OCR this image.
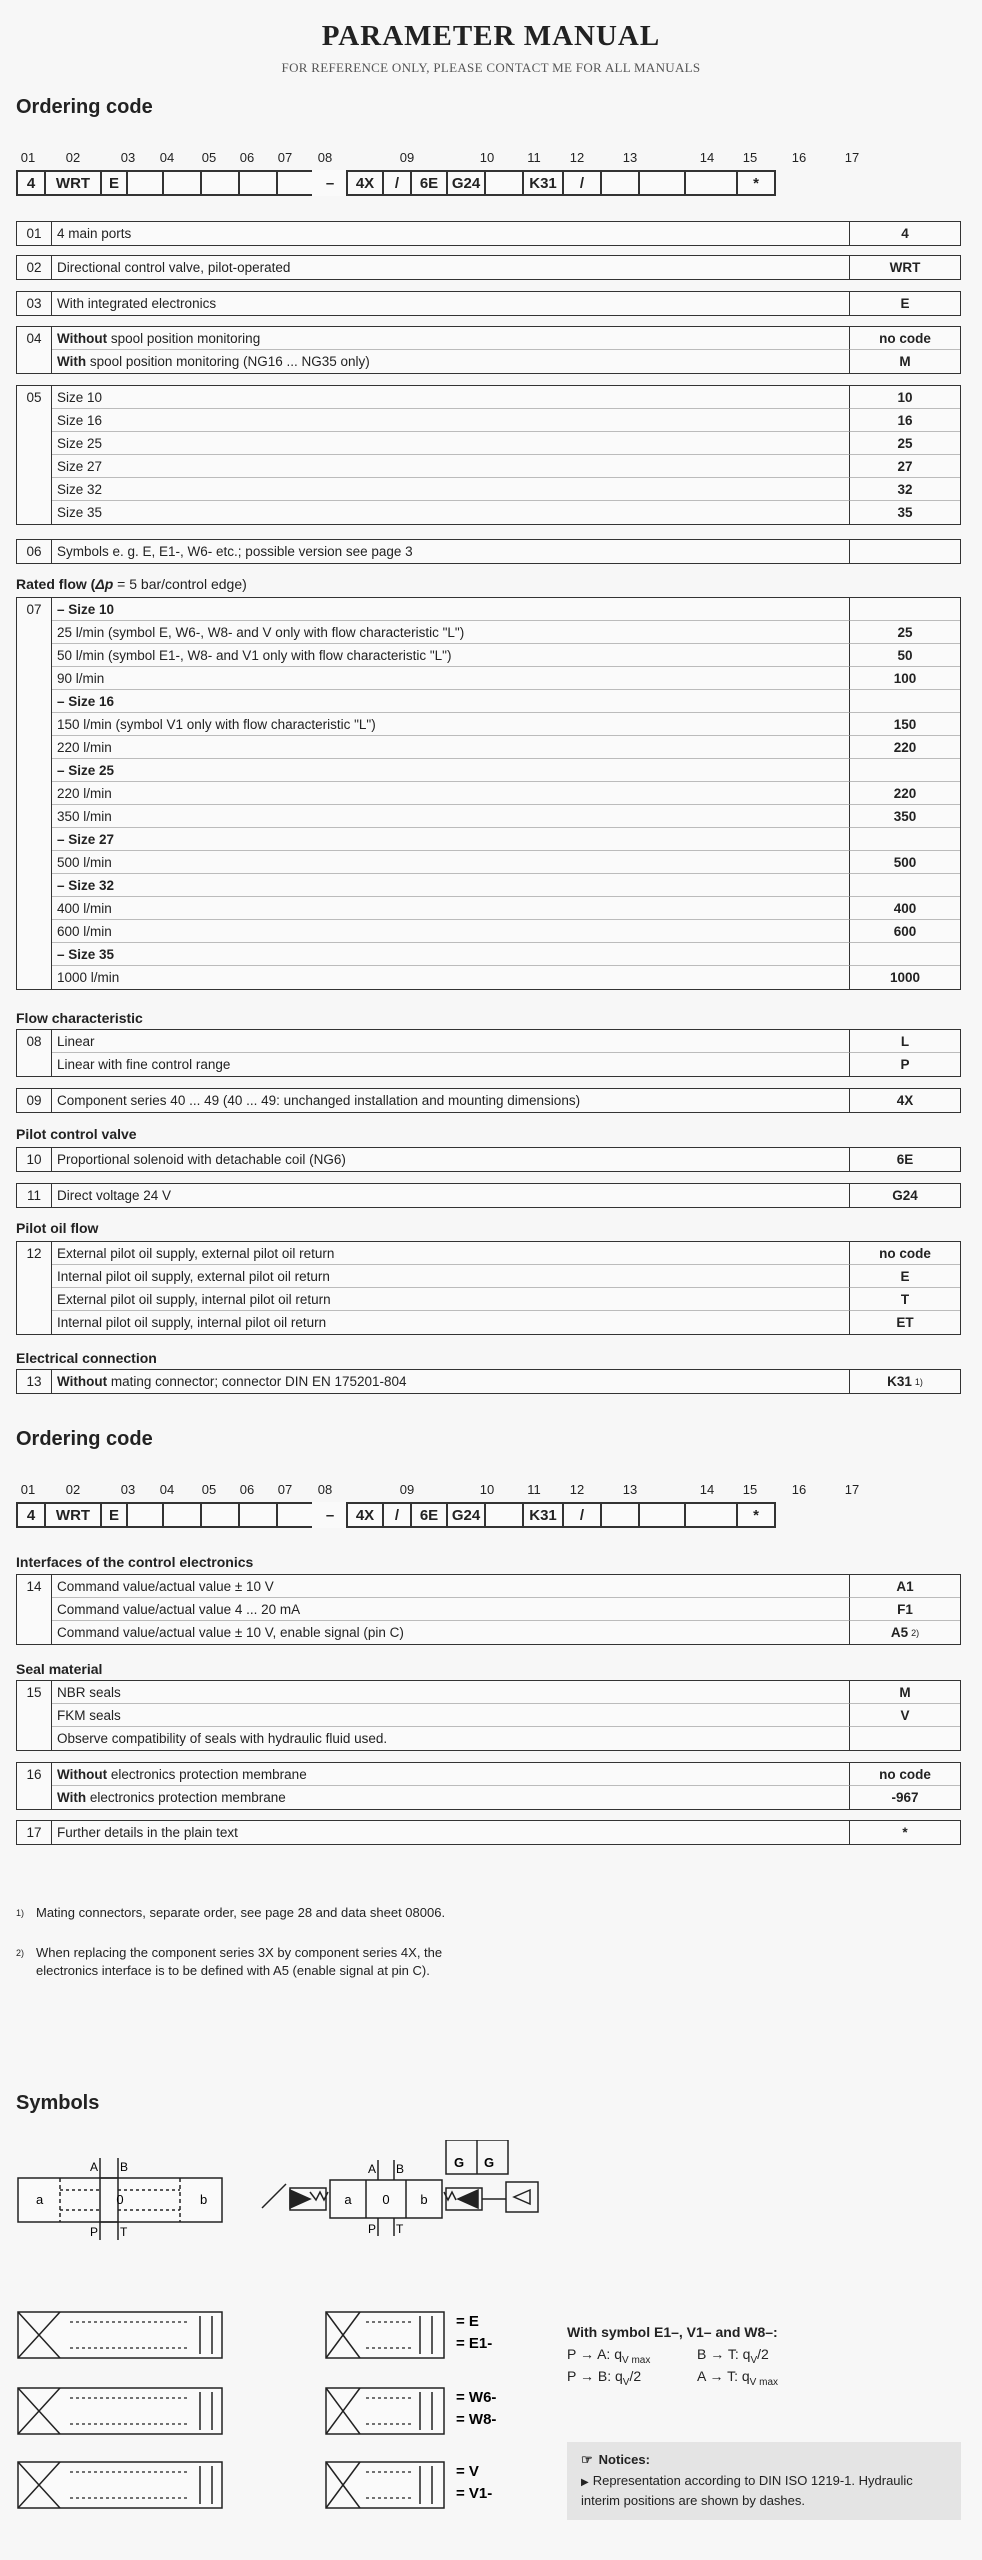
PARAMETER MANUAL
FOR REFERENCE ONLY, PLEASE CONTACT ME FOR ALL MANUALS
Ordering code
01 02	03 04 05 06 07 08	09	10	11 12	13	14 15	16	17
4	WRT	E	–	4X	/	6E G24	K31	/	*
01	4 main ports	4
02	Directional control valve, pilot-operated	WRT
03	With integrated electronics	E
04	Without spool position monitoring	no code
With spool position monitoring (NG16 ... NG35 only)	M
05	Size 10	10
Size 16	16
Size 25	25
Size 27	27
Size 32	32
Size 35	35
06	Symbols e. g. E, E1-, W6- etc.; possible version see page 3
Rated flow (Δp = 5 bar/control edge)
07	– Size 10
25 l/min (symbol E, W6-, W8- and V only with flow characteristic "L")	25
50 l/min (symbol E1-, W8- and V1 only with flow characteristic "L")	50
90 l/min	100
– Size 16
150 l/min (symbol V1 only with flow characteristic "L")	150
220 l/min	220
– Size 25
220 l/min	220
350 l/min	350
– Size 27
500 l/min	500
– Size 32
400 l/min	400
600 l/min	600
– Size 35
1000 l/min	1000
Flow characteristic
08	Linear	L
Linear with fine control range	P
09	Component series 40 ... 49 (40 ... 49: unchanged installation and mounting dimensions)	4X
Pilot control valve
10	Proportional solenoid with detachable coil (NG6)	6E
11	Direct voltage 24 V	G24
Pilot oil flow
12	External pilot oil supply, external pilot oil return	no code
Internal pilot oil supply, external pilot oil return	E
External pilot oil supply, internal pilot oil return	T
Internal pilot oil supply, internal pilot oil return	ET
Electrical connection
13	Without mating connector; connector DIN EN 175201-804	K31 1)
Ordering code
01 02	03 04 05 06 07 08	09	10	11 12	13	14 15	16	17
4	WRT	E	–	4X	/	6E G24	K31	/	*
Interfaces of the control electronics
14	Command value/actual value ± 10 V	A1
Command value/actual value 4 ... 20 mA	F1
Command value/actual value ± 10 V, enable signal (pin C)	A5 2)
Seal material
15	NBR seals	M
FKM seals	V
Observe compatibility of seals with hydraulic fluid used.
16	Without electronics protection membrane	no code
With electronics protection membrane	-967
17	Further details in the plain text	*
1) Mating connectors, separate order, see page 28 and data sheet 08006.
2) When replacing the component series 3X by component series 4X, the electronics interface is to be defined with A5 (enable signal at pin C).
Symbols
A B
P T
a	0	b
A B
P T
a 0 b
G G
= E
= E1-
= W6-
= W8-
= V
= V1-
With symbol E1–, V1– and W8–:
P → A: $q_{V max}$	B → T: $q_V/2$
P → B: $q_V/2$	A → T: $q_{V max}$
☞ Notices:
▶ Representation according to DIN ISO 1219-1. Hydraulic interim positions are shown by dashes.
